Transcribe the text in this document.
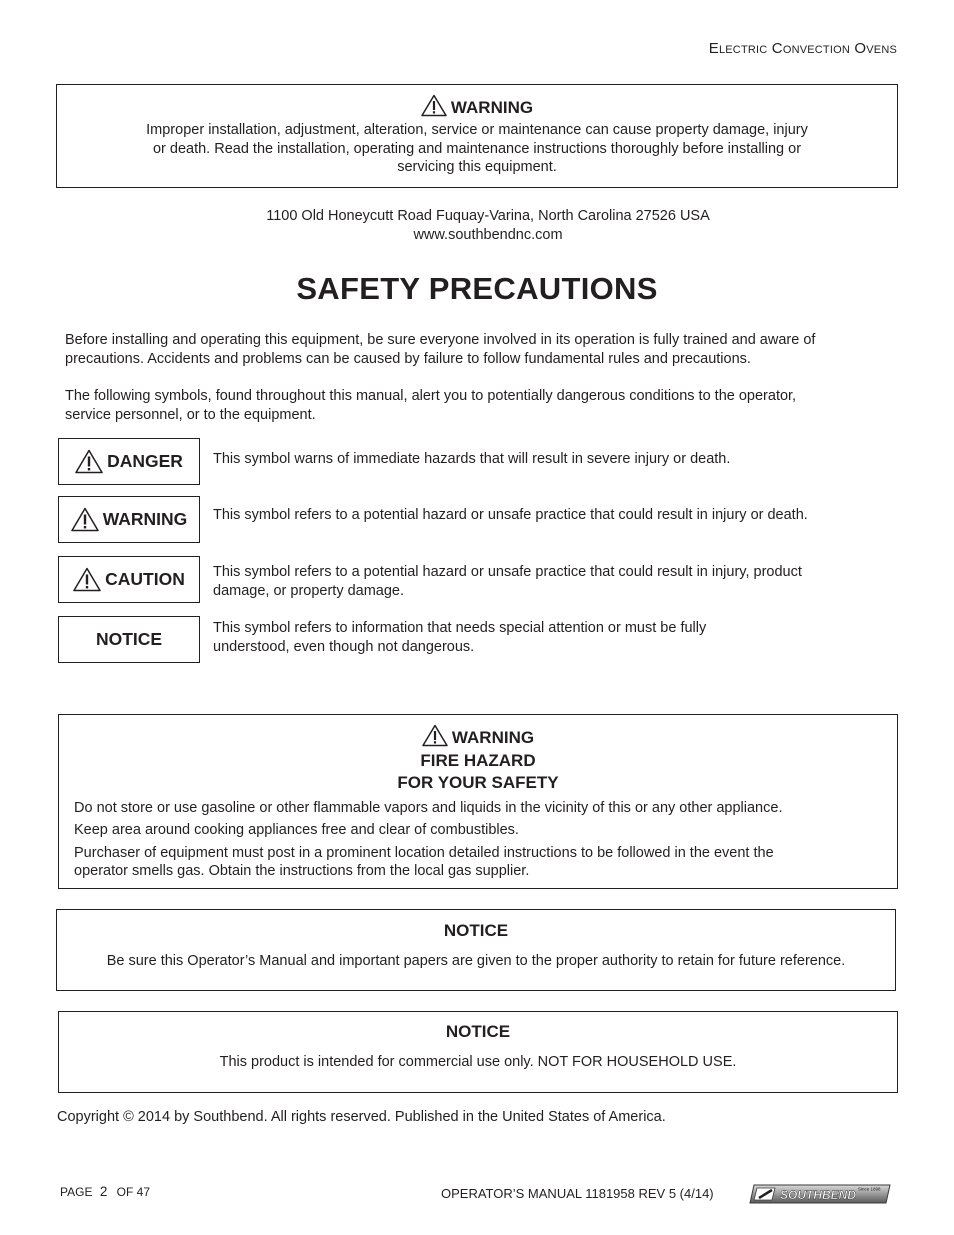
Electric Convection Ovens
WARNING
Improper installation, adjustment, alteration, service or maintenance can cause property damage, injury
or death. Read the installation, operating and maintenance instructions thoroughly before installing or
servicing this equipment.
1100 Old Honeycutt Road Fuquay-Varina, North Carolina 27526 USA
www.southbendnc.com
SAFETY PRECAUTIONS
Before installing and operating this equipment, be sure everyone involved in its operation is fully trained and aware of
precautions. Accidents and problems can be caused by failure to follow fundamental rules and precautions.
The following symbols, found throughout this manual, alert you to potentially dangerous conditions to the operator,
service personnel, or to the equipment.
DANGER This symbol warns of immediate hazards that will result in severe injury or death.
WARNING This symbol refers to a potential hazard or unsafe practice that could result in injury or death.
CAUTION This symbol refers to a potential hazard or unsafe practice that could result in injury, product
damage, or property damage.
NOTICE
This symbol refers to information that needs special attention or must be fully
understood, even though not dangerous.
WARNING
FIRE HAZARD
FOR YOUR SAFETY

Do not store or use gasoline or other flammable vapors and liquids in the vicinity of this or any other appliance.

Keep area around cooking appliances free and clear of combustibles.

Purchaser of equipment must post in a prominent location detailed instructions to be followed in the event the
operator smells gas. Obtain the instructions from the local gas supplier.

NOTICE
Be sure this Operator’s Manual and important papers are given to the proper authority to retain for future reference.
NOTICE
This product is intended for commercial use only. NOT FOR HOUSEHOLD USE.
Copyright © 2014 by Southbend. All rights reserved. Published in the United States of America.
PAGE 2 OF 47	OPERATOR’S MANUAL 1181958 REV 5 (4/14)	SOUTHBEND Since 1898
